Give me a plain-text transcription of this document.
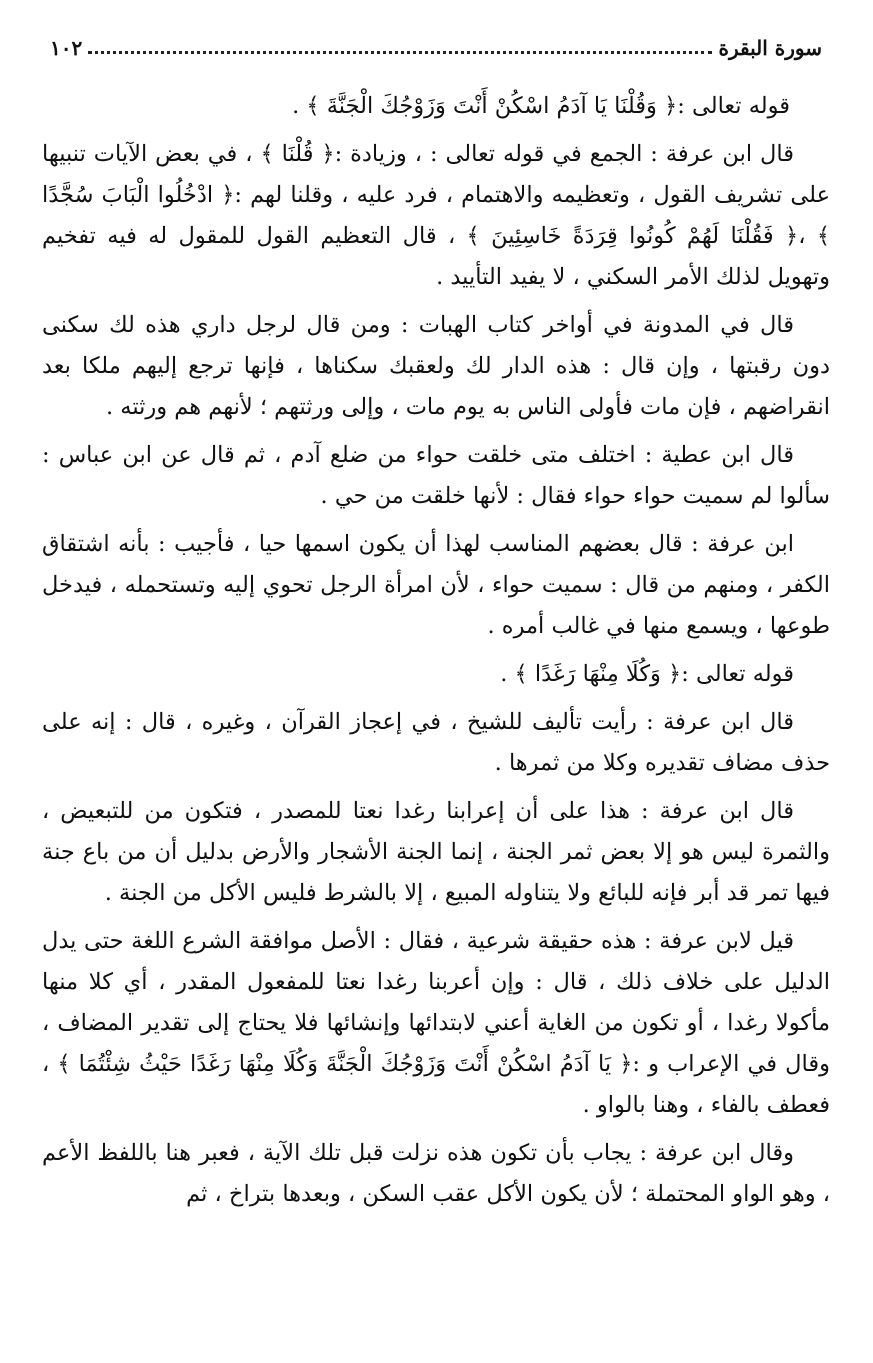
سورة البقرة
١٠٢

قوله تعالى :﴿ وَقُلْنَا يَا آدَمُ اسْكُنْ أَنْتَ وَزَوْجُكَ الْجَنَّةَ ﴾ .

قال ابن عرفة : الجمع في قوله تعالى : ، وزيادة :﴿ قُلْنَا ﴾ ، في بعض الآيات تنبيها على تشريف القول ، وتعظيمه والاهتمام ، فرد عليه ، وقلنا لهم :﴿ ادْخُلُوا الْبَابَ سُجَّدًا ﴾ ،﴿ فَقُلْنَا لَهُمْ كُونُوا قِرَدَةً خَاسِئِينَ ﴾ ، قال التعظيم القول للمقول له فيه تفخيم وتهويل لذلك الأمر السكني ، لا يفيد التأييد .

قال في المدونة في أواخر كتاب الهبات : ومن قال لرجل داري هذه لك سكنى دون رقبتها ، وإن قال : هذه الدار لك ولعقبك سكناها ، فإنها ترجع إليهم ملكا بعد انقراضهم ، فإن مات فأولى الناس به يوم مات ، وإلى ورثتهم ؛ لأنهم هم ورثته .

قال ابن عطية : اختلف متى خلقت حواء من ضلع آدم ، ثم قال عن ابن عباس : سألوا لم سميت حواء حواء فقال : لأنها خلقت من حي .

ابن عرفة : قال بعضهم المناسب لهذا أن يكون اسمها حيا ، فأجيب : بأنه اشتقاق الكفر ، ومنهم من قال : سميت حواء ، لأن امرأة الرجل تحوي إليه وتستحمله ، فيدخل طوعها ، ويسمع منها في غالب أمره .

قوله تعالى :﴿ وَكُلَا مِنْهَا رَغَدًا ﴾ .

قال ابن عرفة : رأيت تأليف للشيخ ، في إعجاز القرآن ، وغيره ، قال : إنه على حذف مضاف تقديره وكلا من ثمرها .

قال ابن عرفة : هذا على أن إعرابنا رغدا نعتا للمصدر ، فتكون من للتبعيض ، والثمرة ليس هو إلا بعض ثمر الجنة ، إنما الجنة الأشجار والأرض بدليل أن من باع جنة فيها تمر قد أبر فإنه للبائع ولا يتناوله المبيع ، إلا بالشرط فليس الأكل من الجنة .

قيل لابن عرفة : هذه حقيقة شرعية ، فقال : الأصل موافقة الشرع اللغة حتى يدل الدليل على خلاف ذلك ، قال : وإن أعربنا رغدا نعتا للمفعول المقدر ، أي كلا منها مأكولا رغدا ، أو تكون من الغاية أعني لابتدائها وإنشائها فلا يحتاج إلى تقدير المضاف ، وقال في الإعراب و :﴿ يَا آدَمُ اسْكُنْ أَنْتَ وَزَوْجُكَ الْجَنَّةَ وَكُلَا مِنْهَا رَغَدًا حَيْثُ شِئْتُمَا ﴾ ، فعطف بالفاء ، وهنا بالواو .

وقال ابن عرفة : يجاب بأن تكون هذه نزلت قبل تلك الآية ، فعبر هنا باللفظ الأعم ، وهو الواو المحتملة ؛ لأن يكون الأكل عقب السكن ، وبعدها بتراخ ، ثم
